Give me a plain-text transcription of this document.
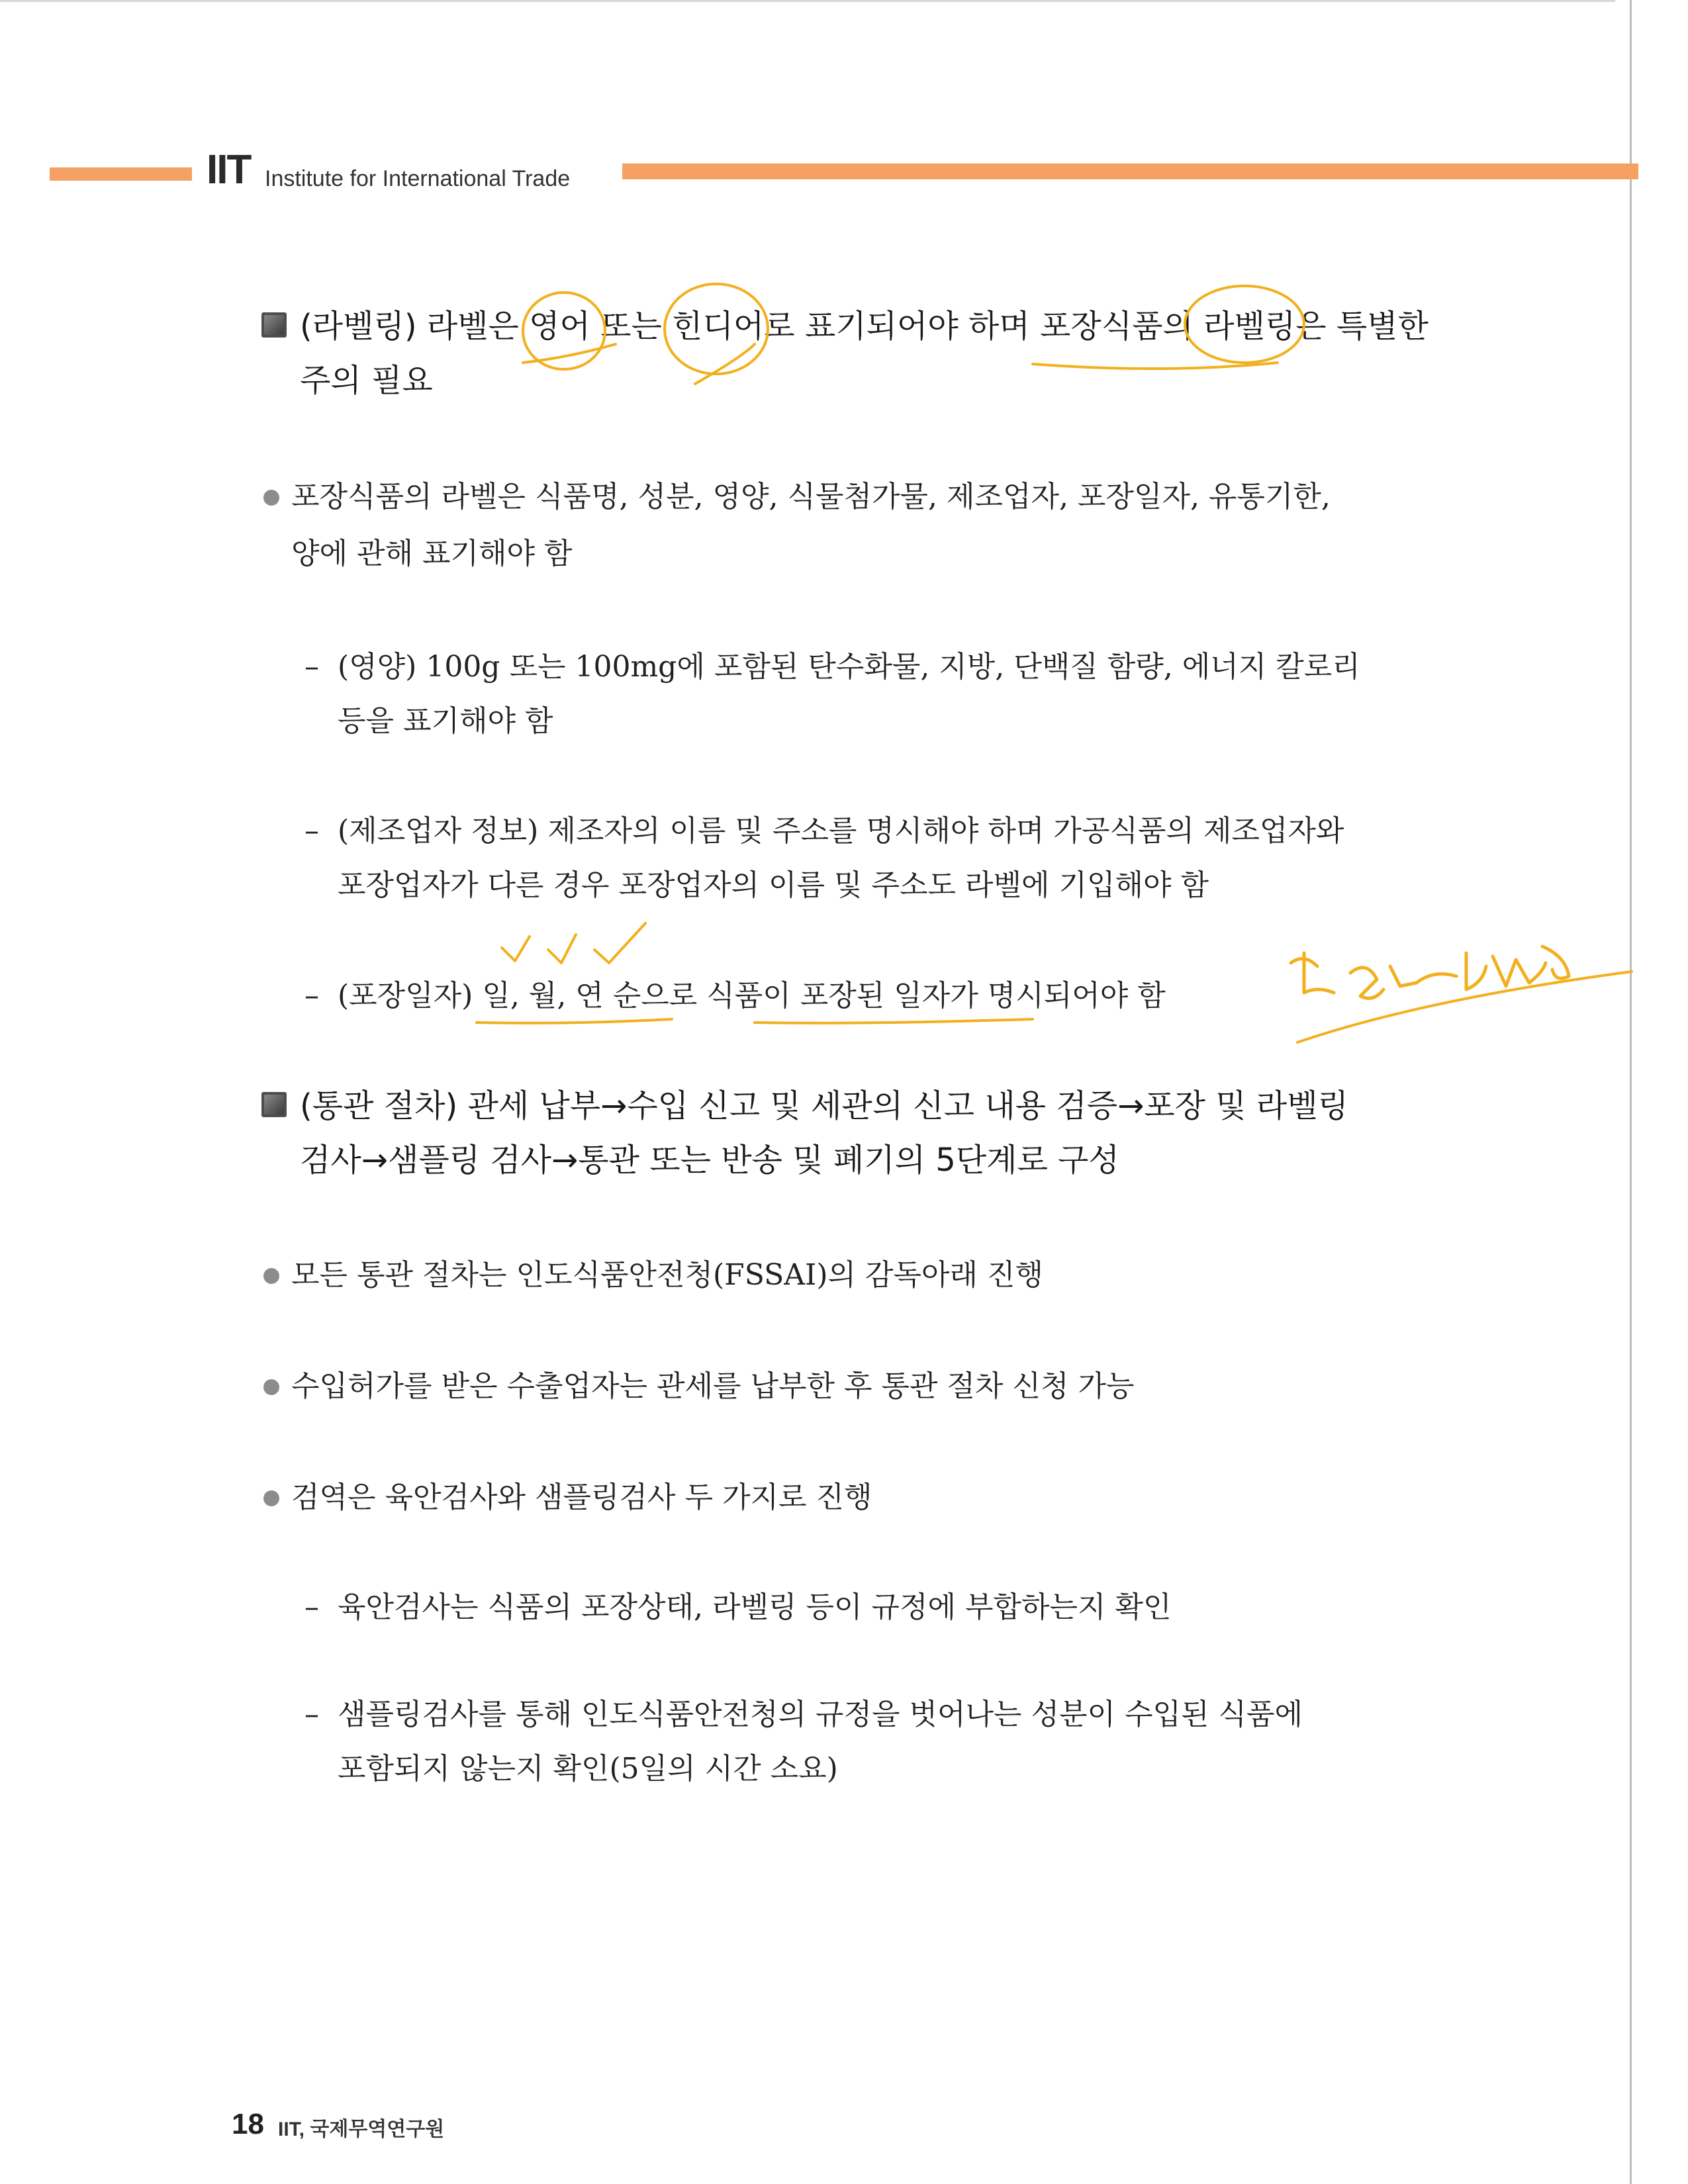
IIT Institute for International Trade
(라벨링) 라벨은 영어 또는 힌디어로 표기되어야 하며 포장식품의 라벨링은 특별한
주의 필요
포장식품의 라벨은 식품명, 성분, 영양, 식물첨가물, 제조업자, 포장일자, 유통기한,
양에 관해 표기해야 함
– (영양) 100g 또는 100mg에 포함된 탄수화물, 지방, 단백질 함량, 에너지 칼로리
등을 표기해야 함
– (제조업자 정보) 제조자의 이름 및 주소를 명시해야 하며 가공식품의 제조업자와
포장업자가 다른 경우 포장업자의 이름 및 주소도 라벨에 기입해야 함
– (포장일자) 일, 월, 연 순으로 식품이 포장된 일자가 명시되어야 함
(통관 절차) 관세 납부→수입 신고 및 세관의 신고 내용 검증→포장 및 라벨링
검사→샘플링 검사→통관 또는 반송 및 폐기의 5단계로 구성
모든 통관 절차는 인도식품안전청(FSSAI)의 감독아래 진행
수입허가를 받은 수출업자는 관세를 납부한 후 통관 절차 신청 가능
검역은 육안검사와 샘플링검사 두 가지로 진행
– 육안검사는 식품의 포장상태, 라벨링 등이 규정에 부합하는지 확인
– 샘플링검사를 통해 인도식품안전청의 규정을 벗어나는 성분이 수입된 식품에
포함되지 않는지 확인(5일의 시간 소요)
18 IIT, 국제무역연구원
